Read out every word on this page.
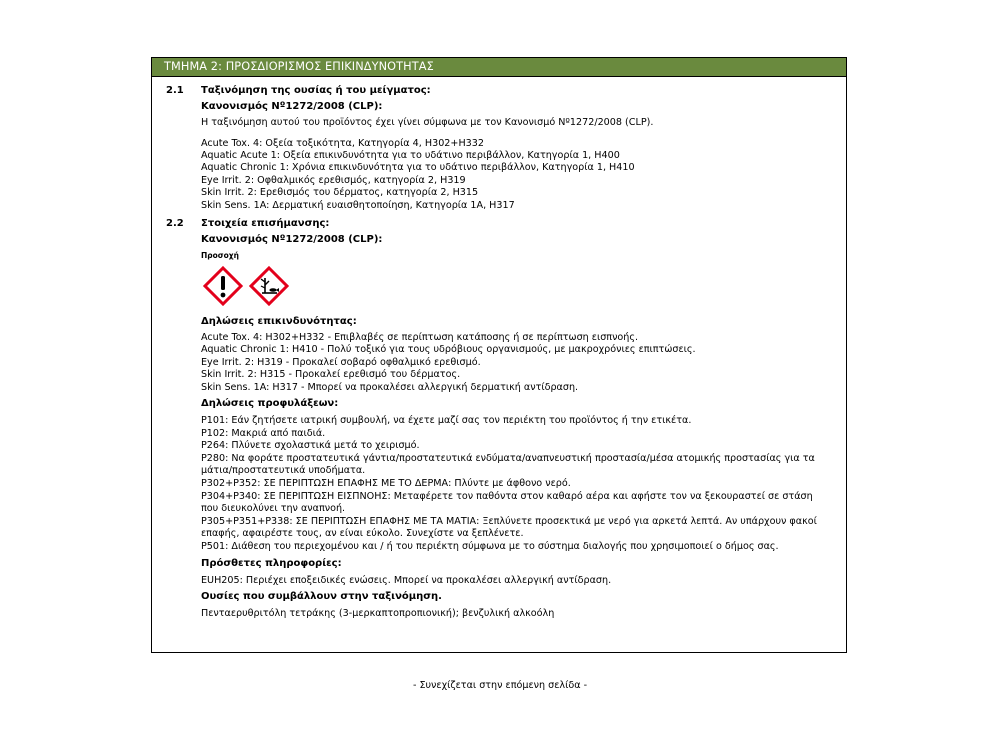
ΤΜΗΜΑ 2: ΠΡΟΣΔΙΟΡΙΣΜΟΣ ΕΠΙΚΙΝΔΥΝΟΤΗΤΑΣ
2.1	Ταξινόμηση της ουσίας ή του μείγματος:
Κανονισμός Nº1272/2008 (CLP):
Η ταξινόμηση αυτού του προϊόντος έχει γίνει σύμφωνα με τον Κανονισμό Nº1272/2008 (CLP).
Acute Tox. 4: Οξεία τοξικότητα, Κατηγορία 4, H302+H332
Aquatic Acute 1: Οξεία επικινδυνότητα για το υδάτινο περιβάλλον, Κατηγορία 1, H400
Aquatic Chronic 1: Χρόνια επικινδυνότητα για το υδάτινο περιβάλλον, Κατηγορία 1, H410
Eye Irrit. 2: Οφθαλμικός ερεθισμός, κατηγορία 2, H319
Skin Irrit. 2: Ερεθισμός του δέρματος, κατηγορία 2, H315
Skin Sens. 1A: Δερματική ευαισθητοποίηση, Κατηγορία 1A, H317
2.2	Στοιχεία επισήμανσης:
Κανονισμός Nº1272/2008 (CLP):
Προσοχή
Δηλώσεις επικινδυνότητας:
Acute Tox. 4: H302+H332 - Επιβλαβές σε περίπτωση κατάποσης ή σε περίπτωση εισπνοής.
Aquatic Chronic 1: H410 - Πολύ τοξικό για τους υδρόβιους οργανισμούς, με μακροχρόνιες επιπτώσεις.
Eye Irrit. 2: H319 - Προκαλεί σοβαρό οφθαλμικό ερεθισμό.
Skin Irrit. 2: H315 - Προκαλεί ερεθισμό του δέρματος.
Skin Sens. 1A: H317 - Μπορεί να προκαλέσει αλλεργική δερματική αντίδραση.
Δηλώσεις προφυλάξεων:
P101: Εάν ζητήσετε ιατρική συμβουλή, να έχετε μαζί σας τον περιέκτη του προϊόντος ή την ετικέτα.
P102: Μακριά από παιδιά.
P264: Πλύνετε σχολαστικά μετά το χειρισμό.
P280: Να φοράτε προστατευτικά γάντια/προστατευτικά ενδύματα/αναπνευστική προστασία/μέσα ατομικής προστασίας για τα μάτια/προστατευτικά υποδήματα.
P302+P352: ΣΕ ΠΕΡΙΠΤΩΣΗ ΕΠΑΦΗΣ ΜΕ ΤΟ ΔΕΡΜΑ: Πλύντε με άφθονο νερό.
P304+P340: ΣΕ ΠΕΡΙΠΤΩΣΗ ΕΙΣΠΝΟΗΣ: Μεταφέρετε τον παθόντα στον καθαρό αέρα και αφήστε τον να ξεκουραστεί σε στάση που διευκολύνει την αναπνοή.
P305+P351+P338: ΣΕ ΠΕΡΙΠΤΩΣΗ ΕΠΑΦΗΣ ΜΕ ΤΑ ΜΑΤΙΑ: Ξεπλύνετε προσεκτικά με νερό για αρκετά λεπτά. Αν υπάρχουν φακοί επαφής, αφαιρέστε τους, αν είναι εύκολο. Συνεχίστε να ξεπλένετε.
P501: Διάθεση του περιεχομένου και / ή του περιέκτη σύμφωνα με το σύστημα διαλογής που χρησιμοποιεί ο δήμος σας.
Πρόσθετες πληροφορίες:
EUH205: Περιέχει εποξειδικές ενώσεις. Μπορεί να προκαλέσει αλλεργική αντίδραση.
Ουσίες που συμβάλλουν στην ταξινόμηση.
Πενταερυθριτόλη τετράκης (3-μερκαπτοπροπιονική); βενζυλική αλκοόλη
- Συνεχίζεται στην επόμενη σελίδα -
